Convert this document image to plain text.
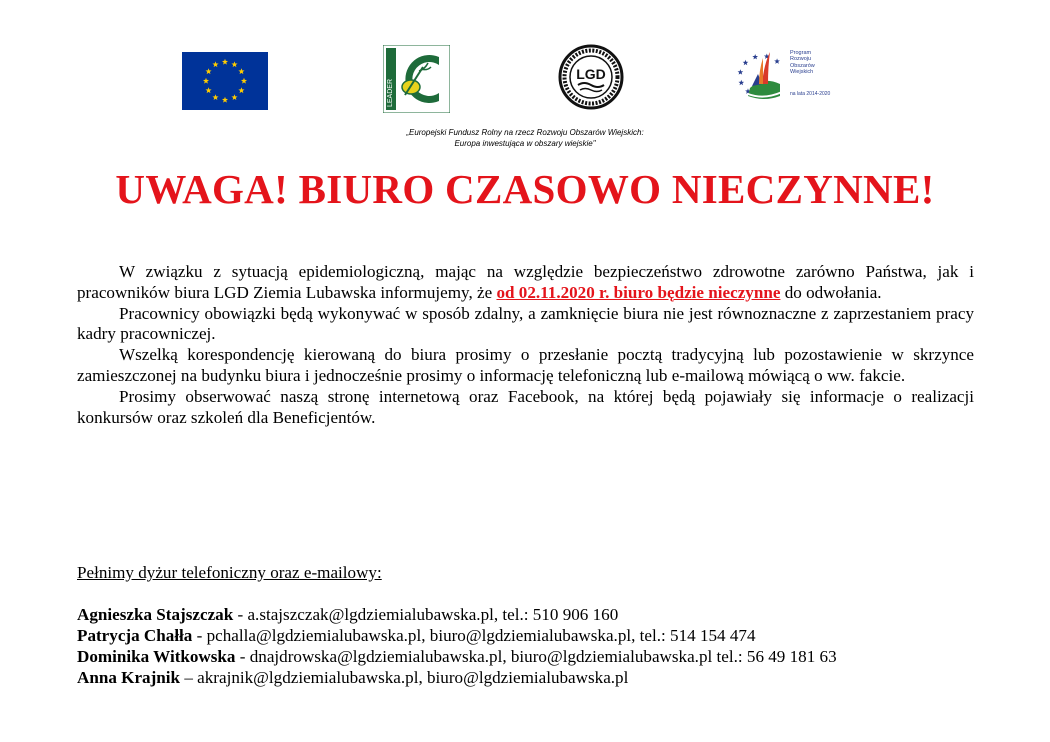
LEADER
LGD
Program
Rozwoju
Obszarów
Wiejskich
na lata 2014-2020
„Europejski Fundusz Rolny na rzecz Rozwoju Obszarów Wiejskich:
Europa inwestująca w obszary wiejskie"
UWAGA! BIURO CZASOWO NIECZYNNE!

W związku z sytuacją epidemiologiczną, mając na względzie bezpieczeństwo zdrowotne zarówno Państwa, jak i pracowników biura LGD Ziemia Lubawska informujemy, że od 02.11.2020 r. biuro będzie nieczynne do odwołania.

Pracownicy obowiązki będą wykonywać w sposób zdalny, a zamknięcie biura nie jest równoznaczne z zaprzestaniem pracy kadry pracowniczej.

Wszelką korespondencję kierowaną do biura prosimy o przesłanie pocztą tradycyjną lub pozostawienie w skrzynce zamieszczonej na budynku biura i jednocześnie prosimy o informację telefoniczną lub e-mailową mówiącą o ww. fakcie.

Prosimy obserwować naszą stronę internetową oraz Facebook, na której będą pojawiały się informacje o realizacji konkursów oraz szkoleń dla Beneficjentów.

Pełnimy dyżur telefoniczny oraz e-mailowy:
Agnieszka Stajszczak - a.stajszczak@lgdziemialubawska.pl, tel.: 510 906 160
Patrycja Chałła - pchalla@lgdziemialubawska.pl, biuro@lgdziemialubawska.pl, tel.: 514 154 474
Dominika Witkowska - dnajdrowska@lgdziemialubawska.pl, biuro@lgdziemialubawska.pl tel.: 56 49 181 63
Anna Krajnik – akrajnik@lgdziemialubawska.pl, biuro@lgdziemialubawska.pl
